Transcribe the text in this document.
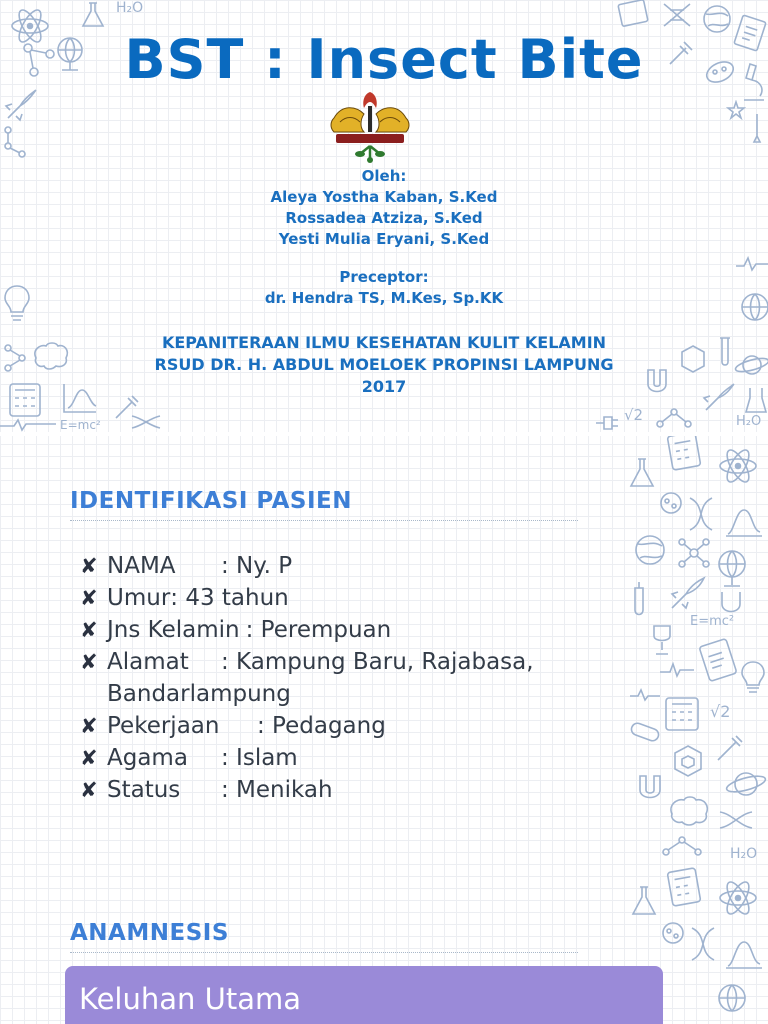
H₂O
E=mc²
√2	H₂O
BST : Insect Bite
Oleh:
Aleya Yostha Kaban, S.Ked
Rossadea Atziza, S.Ked
Yesti Mulia Eryani, S.Ked
Preceptor:
dr. Hendra TS, M.Kes, Sp.KK
KEPANITERAAN ILMU KESEHATAN KULIT KELAMIN
RSUD DR. H. ABDUL MOELOEK PROPINSI LAMPUNG
2017
E=mc²
√2
H₂O
IDENTIFIKASI PASIEN
✘ NAMA : Ny. P
✘ Umur: 43 tahun
✘ Jns Kelamin : Perempuan
✘ Alamat : Kampung Baru, Rajabasa,
Bandarlampung
✘ Pekerjaan : Pedagang
✘ Agama : Islam
✘ Status : Menikah
ANAMNESIS
Keluhan Utama
